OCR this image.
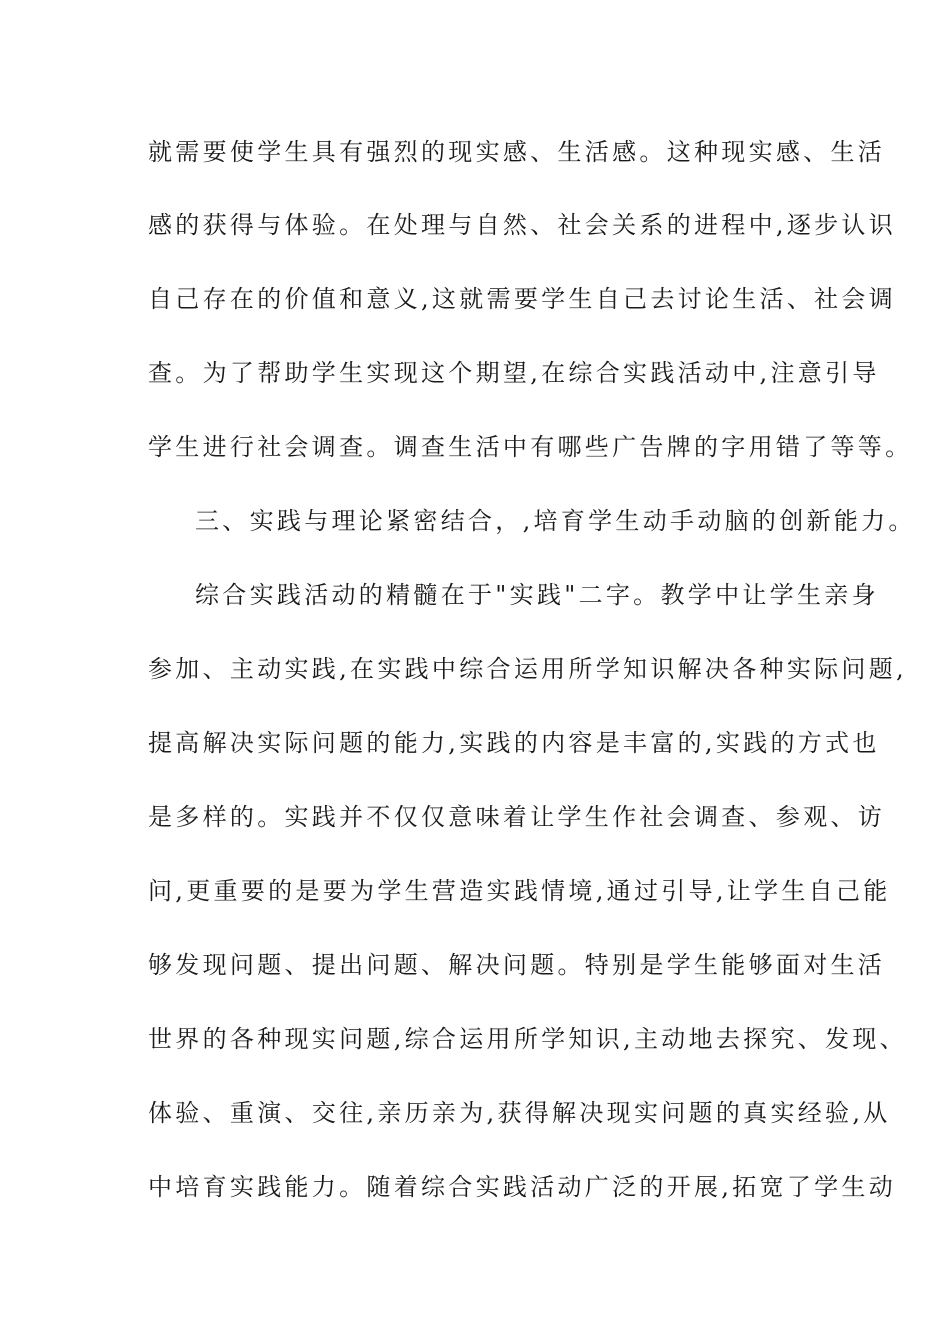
就需要使学生具有强烈的现实感、生活感。这种现实感、生活
感的获得与体验。在处理与自然、社会关系的进程中,逐步认识
自己存在的价值和意义,这就需要学生自己去讨论生活、社会调
查。为了帮助学生实现这个期望,在综合实践活动中,注意引导
学生进行社会调查。调查生活中有哪些广告牌的字用错了等等。
三、实践与理论紧密结合，,培育学生动手动脑的创新能力。
综合实践活动的精髓在于"实践"二字。教学中让学生亲身
参加、主动实践,在实践中综合运用所学知识解决各种实际问题,
提高解决实际问题的能力,实践的内容是丰富的,实践的方式也
是多样的。实践并不仅仅意味着让学生作社会调查、参观、访
问,更重要的是要为学生营造实践情境,通过引导,让学生自己能
够发现问题、提出问题、解决问题。特别是学生能够面对生活
世界的各种现实问题,综合运用所学知识,主动地去探究、发现、
体验、重演、交往,亲历亲为,获得解决现实问题的真实经验,从
中培育实践能力。随着综合实践活动广泛的开展,拓宽了学生动
